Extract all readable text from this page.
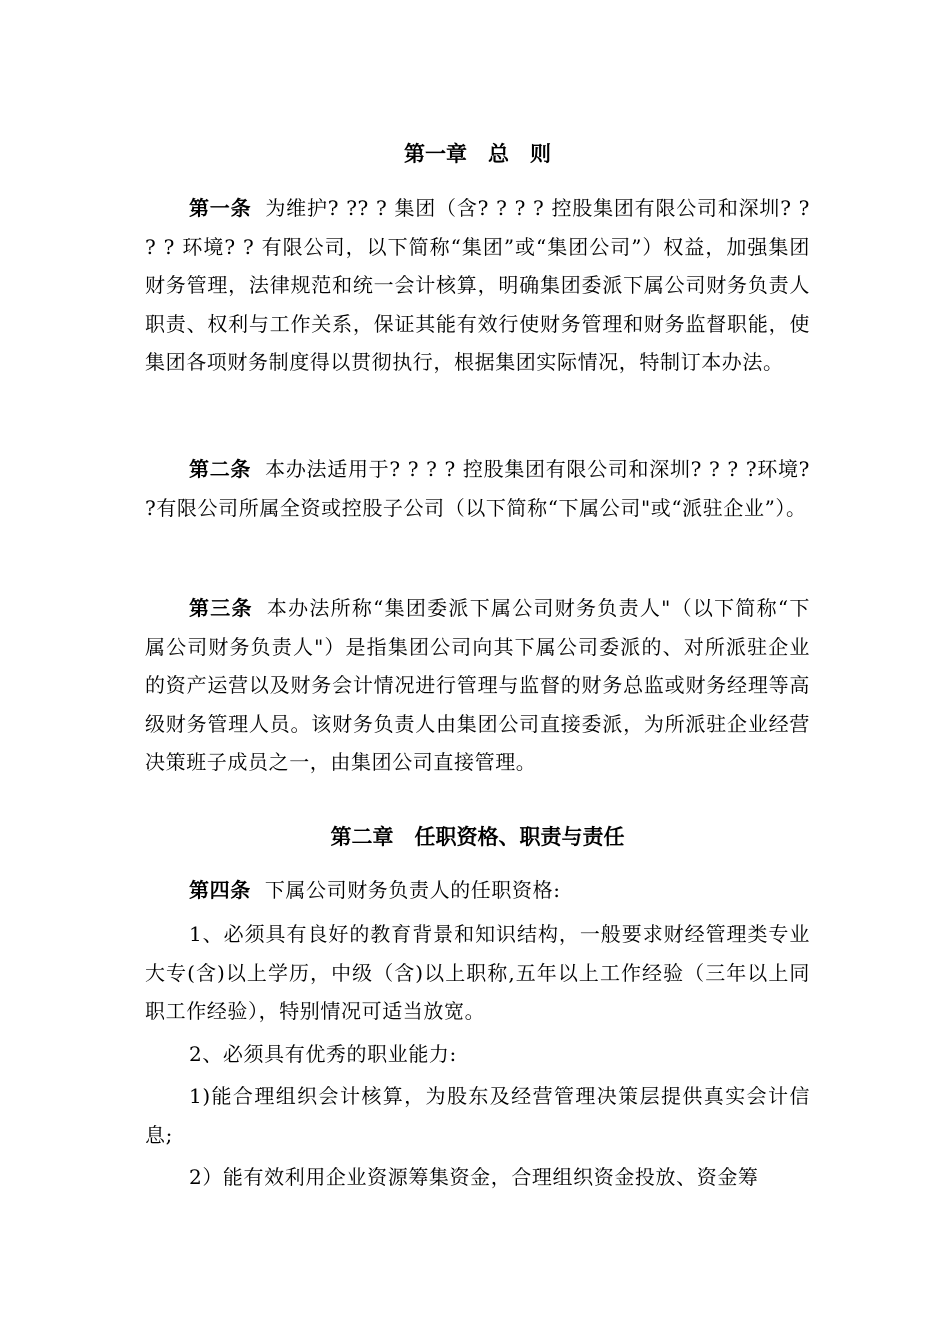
第一章　总　则
第一条 为维护? ?? ? 集团（含? ? ? ? 控股集团有限公司和深圳? ? ? ? 环境? ? 有限公司，以下简称“集团”或“集团公司”）权益，加强集团财务管理，法律规范和统一会计核算，明确集团委派下属公司财务负责人职责、权利与工作关系，保证其能有效行使财务管理和财务监督职能，使集团各项财务制度得以贯彻执行，根据集团实际情况，特制订本办法。
第二条 本办法适用于? ? ? ? 控股集团有限公司和深圳? ? ? ?环境? ?有限公司所属全资或控股子公司（以下简称“下属公司"或“派驻企业”）。
第三条 本办法所称“集团委派下属公司财务负责人"（以下简称“下属公司财务负责人"）是指集团公司向其下属公司委派的、对所派驻企业的资产运营以及财务会计情况进行管理与监督的财务总监或财务经理等高级财务管理人员。该财务负责人由集团公司直接委派，为所派驻企业经营决策班子成员之一，由集团公司直接管理。
第二章　任职资格、职责与责任
第四条 下属公司财务负责人的任职资格:
1、必须具有良好的教育背景和知识结构，一般要求财经管理类专业大专(含)以上学历，中级（含)以上职称,五年以上工作经验（三年以上同职工作经验），特别情况可适当放宽。
2、必须具有优秀的职业能力:
1)能合理组织会计核算，为股东及经营管理决策层提供真实会计信息;
2）能有效利用企业资源筹集资金，合理组织资金投放、资金筹
